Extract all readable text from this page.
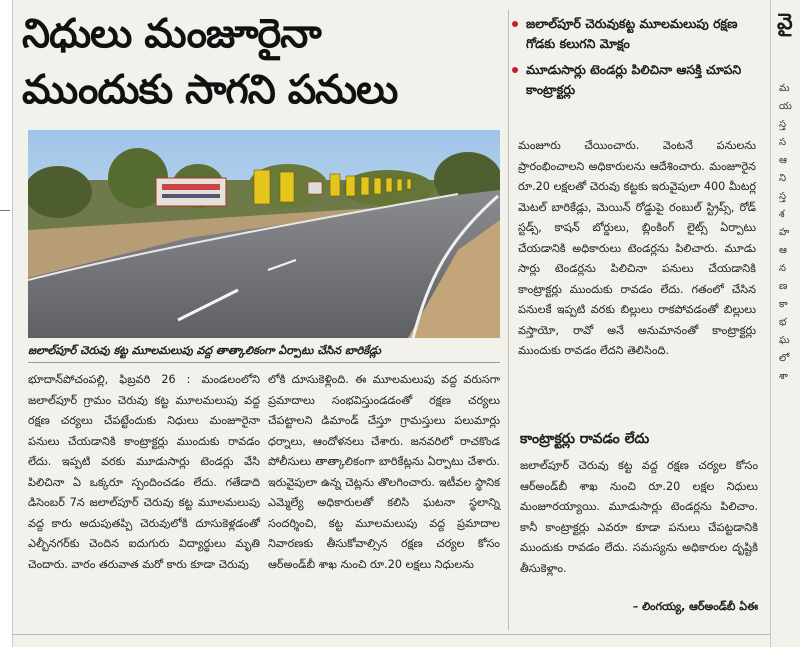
నిధులు మంజూరైనా
ముందుకు సాగని పనులు
జలాల్‌పూర్ చెరువుకట్ట మూలమలుపు రక్షణ గోడకు కలుగని మోక్షం
మూడుసార్లు టెండర్లు పిలిచినా ఆసక్తి చూపని కాంట్రాక్టర్లు
జలాల్‌పూర్ చెరువు కట్ట మూలమలుపు వద్ద తాత్కాలికంగా ఏర్పాటు చేసిన బారికేడ్లు

భూదాన్‌పోచంపల్లి, ఫిబ్రవరి 26 : మండలంలోని జలాల్‌పూర్ గ్రామం చెరువు కట్ట మూలమలుపు వద్ద రక్షణ చర్యలు చేపట్టేందుకు నిధులు మంజూరైనా పనులు చేయడానికి కాంట్రాక్టర్లు ముందుకు రావడం లేదు. ఇప్పటి వరకు మూడుసార్లు టెండర్లు వేసి పిలిచినా ఏ ఒక్కరూ స్పందించడం లేదు. గతేడాది డిసెంబర్ 7న జలాల్‌పూర్ చెరువు కట్ట మూలమలుపు వద్ద కారు అదుపుతప్పి చెరువులోకి దూసుకెళ్లడంతో ఎల్బీనగర్‌కు చెందిన ఐదుగురు విద్యార్థులు మృతి చెందారు. వారం తరువాత మరో కారు కూడా చెరువు

లోకి దూసుకెళ్లింది. ఈ మూలమలుపు వద్ద వరుసగా ప్రమాదాలు సంభవిస్తుండడంతో రక్షణ చర్యలు చేపట్టాలని డిమాండ్ చేస్తూ గ్రామస్తులు పలుమార్లు ధర్నాలు, ఆందోళనలు చేశారు. జనవరిలో రాచకొండ పోలీసులు తాత్కాలికంగా బారికేట్లను ఏర్పాటు చేశారు. ఇరువైపులా ఉన్న చెట్లను తొలగించారు. ఇటీవల స్థానిక ఎమ్మెల్యే అధికారులతో కలిసి ఘటనా స్థలాన్ని సందర్శించి, కట్ట మూలమలుపు వద్ద ప్రమాదాల నివారణకు తీసుకోవాల్సిన రక్షణ చర్యల కోసం ఆర్‌అండ్‌బీ శాఖ నుంచి రూ.20 లక్షలు నిధులను

మంజూరు చేయించారు. వెంటనే పనులను ప్రారంభించాలని అధికారులను ఆదేశించారు. మంజూరైన రూ.20 లక్షలతో చెరువు కట్టకు ఇరువైపులా 400 మీటర్ల మెటల్ బారికేడ్లు, మెయిన్ రోడ్డుపై రంబుల్ స్ట్రిప్స్, రోడ్ స్టడ్స్, కాషన్ బోర్డులు, బ్లింకింగ్ లైట్స్ ఏర్పాటు చేయడానికి అధికారులు టెండర్లను పిలిచారు. మూడు సార్లు టెండర్లను పిలిచినా పనులు చేయడానికి కాంట్రాక్టర్లు ముందుకు రావడం లేదు. గతంలో చేసిన పనులకే ఇప్పటి వరకు బిల్లులు రాకపోవడంతో బిల్లులు వస్తాయో, రావో అనే అనుమానంతో కాంట్రాక్టర్లు ముందుకు రావడం లేదని తెలిసింది.

కాంట్రాక్టర్లు రావడం లేదు

జలాల్‌పూర్ చెరువు కట్ట వద్ద రక్షణ చర్యల కోసం ఆర్‌అండ్‌బీ శాఖ నుంచి రూ.20 లక్షల నిధులు మంజూరయ్యాయి. మూడుసార్లు టెండర్లను పిలిచాం. కానీ కాంట్రాక్టర్లు ఎవరూ కూడా పనులు చేపట్టడానికి ముందుకు రావడం లేదు. సమస్యను అధికారుల దృష్టికి తీసుకెళ్లాం.

– లింగయ్య, ఆర్‌అండ్‌బీ ఏఈ
వై
మ
య
స్త
స
ఆ
ని
స్త
శ
హ
ఆ
న
ణ
కా
భ
ఘ
లో
శా
